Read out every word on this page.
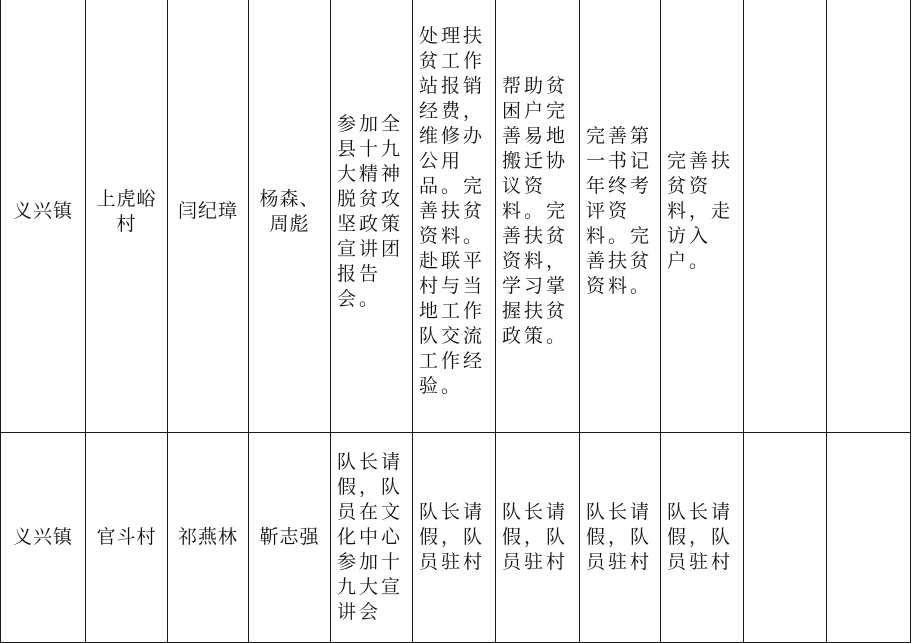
义兴镇	上虎峪村	闫纪璋	杨森、周彪	参加全县十九大精神脱贫攻坚政策宣讲团报告会。	处理扶贫工作站报销经费，维修办公用品。完善扶贫资料。赴联平村与当地工作队交流工作经验。	帮助贫困户完善易地搬迁协议资料。完善扶贫资料，学习掌握扶贫政策。	完善第一书记年终考评资料。完善扶贫资料。	完善扶贫资料，走访入户。		

义兴镇	官斗村	祁燕林	靳志强	队长请假，队员在文化中心参加十九大宣讲会	队长请假，队员驻村	队长请假，队员驻村	队长请假，队员驻村	队长请假，队员驻村		
